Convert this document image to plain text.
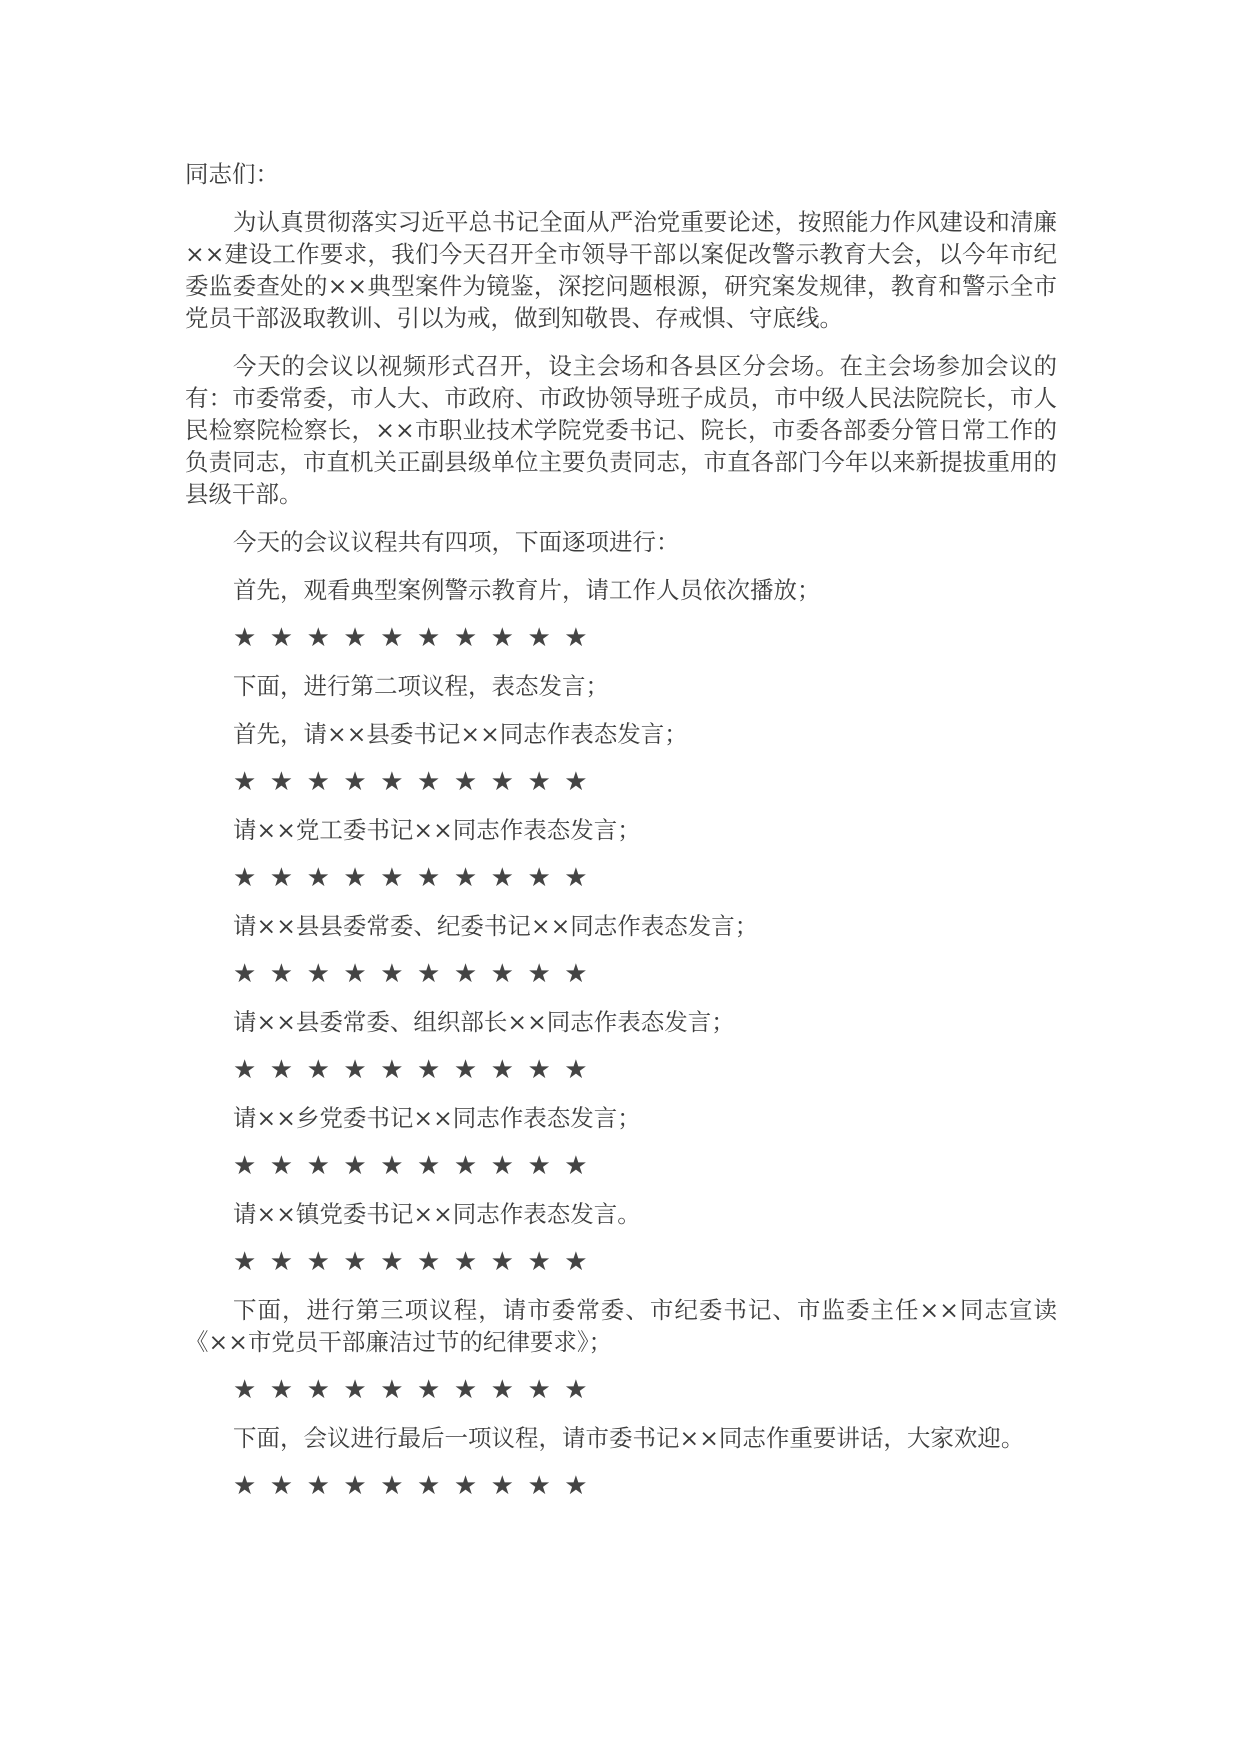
同志们：

为认真贯彻落实习近平总书记全面从严治党重要论述，按照能力作风建设和清廉××建设工作要求，我们今天召开全市领导干部以案促改警示教育大会，以今年市纪委监委查处的××典型案件为镜鉴，深挖问题根源，研究案发规律，教育和警示全市党员干部汲取教训、引以为戒，做到知敬畏、存戒惧、守底线。

今天的会议以视频形式召开，设主会场和各县区分会场。在主会场参加会议的有：市委常委，市人大、市政府、市政协领导班子成员，市中级人民法院院长，市人民检察院检察长，××市职业技术学院党委书记、院长，市委各部委分管日常工作的负责同志，市直机关正副县级单位主要负责同志，市直各部门今年以来新提拔重用的县级干部。

今天的会议议程共有四项，下面逐项进行：

首先，观看典型案例警示教育片，请工作人员依次播放；

★★★★★★★★★★

下面，进行第二项议程，表态发言；

首先，请××县委书记××同志作表态发言；

★★★★★★★★★★

请××党工委书记××同志作表态发言；

★★★★★★★★★★

请××县县委常委、纪委书记××同志作表态发言；

★★★★★★★★★★

请××县委常委、组织部长××同志作表态发言；

★★★★★★★★★★

请××乡党委书记××同志作表态发言；

★★★★★★★★★★

请××镇党委书记××同志作表态发言。

★★★★★★★★★★

下面，进行第三项议程，请市委常委、市纪委书记、市监委主任××同志宣读《××市党员干部廉洁过节的纪律要求》；

★★★★★★★★★★

下面，会议进行最后一项议程，请市委书记××同志作重要讲话，大家欢迎。

★★★★★★★★★★
